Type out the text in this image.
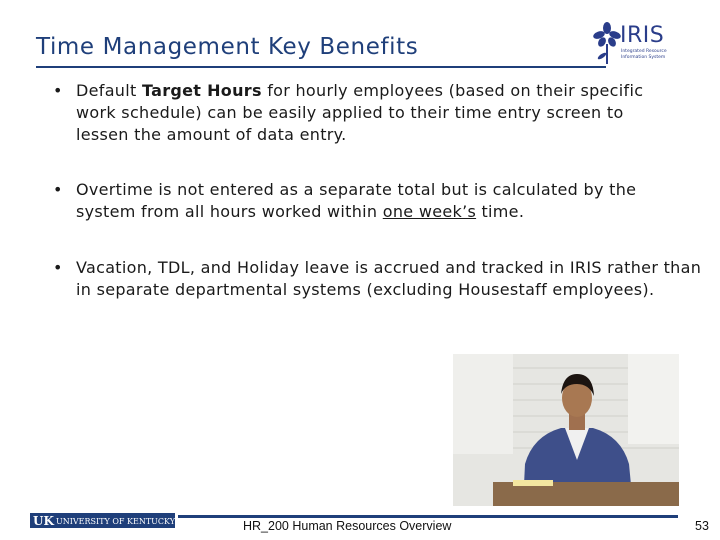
Time Management Key Benefits	IRIS
Integrated Resource Information System
• Default Target Hours for hourly employees (based on their specific work schedule) can be easily applied to their time entry screen to lessen the amount of data entry.
• Overtime is not entered as a separate total but is calculated by the system from all hours worked within one week’s time.
• Vacation, TDL, and Holiday leave is accrued and tracked in IRIS rather than in separate departmental systems (excluding Housestaff employees).
UK UNIVERSITY OF KENTUCKY	HR_200 Human Resources Overview	53
